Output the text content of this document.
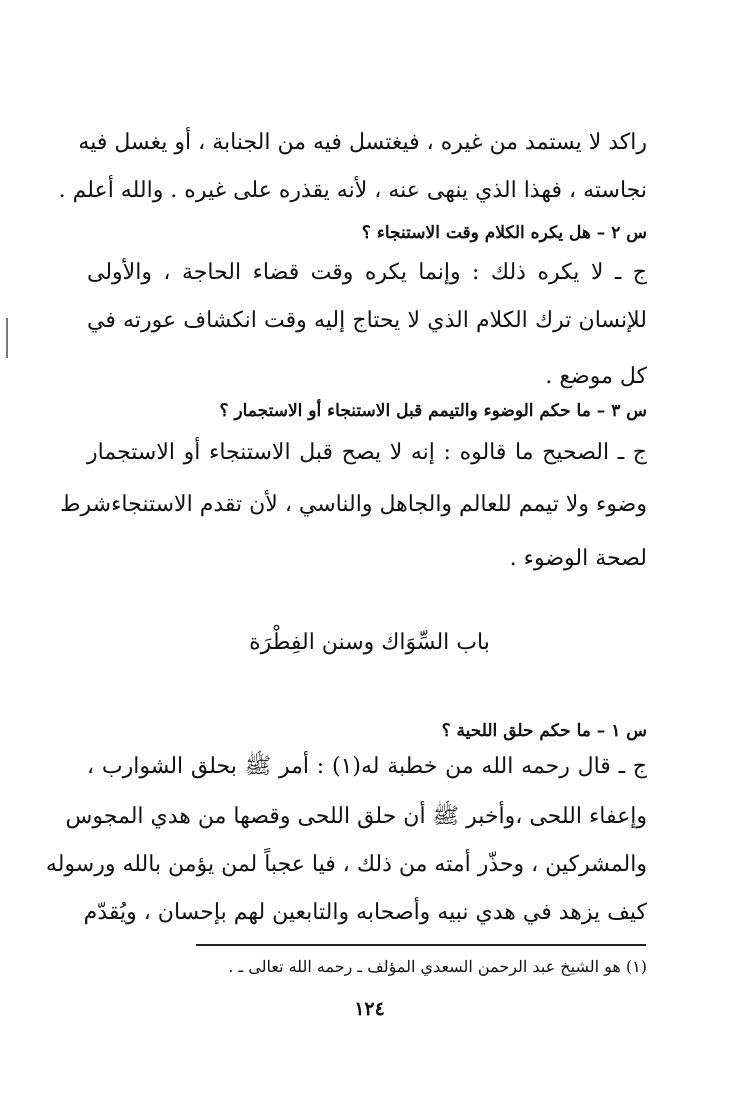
راكد لا يستمد من غيره ، فيغتسل فيه من الجنابة ، أو يغسل فيه
نجاسته ، فهذا الذي ينهى عنه ، لأنه يقذره على غيره . والله أعلم .
س ٢ – هل يكره الكلام وقت الاستنجاء ؟
ج ـ لا يكره ذلك : وإنما يكره وقت قضاء الحاجة ، والأولى
للإنسان ترك الكلام الذي لا يحتاج إليه وقت انكشاف عورته في
كل موضع .
س ٣ – ما حكم الوضوء والتيمم قبل الاستنجاء أو الاستجمار ؟
ج ـ الصحيح ما قالوه : إنه لا يصح قبل الاستنجاء أو الاستجمار
وضوء ولا تيمم للعالم والجاهل والناسي ، لأن تقدم الاستنجاءشرط
لصحة الوضوء .
باب السِّوَاك وسنن الفِطْرَة
س ١ – ما حكم حلق اللحية ؟
ج ـ قال رحمه الله من خطبة له(١) : أمر ﷺ بحلق الشوارب ،
وإعفاء اللحى ،وأخبر ﷺ أن حلق اللحى وقصها من هدي المجوس
والمشركين ، وحذّر أمته من ذلك ، فيا عجباً لمن يؤمن بالله ورسوله
كيف يزهد في هدي نبيه وأصحابه والتابعين لهم بإحسان ، ويُقدّم
(١) هو الشيخ عبد الرحمن السعدي المؤلف ـ رحمه الله تعالى ـ .
١٢٤
